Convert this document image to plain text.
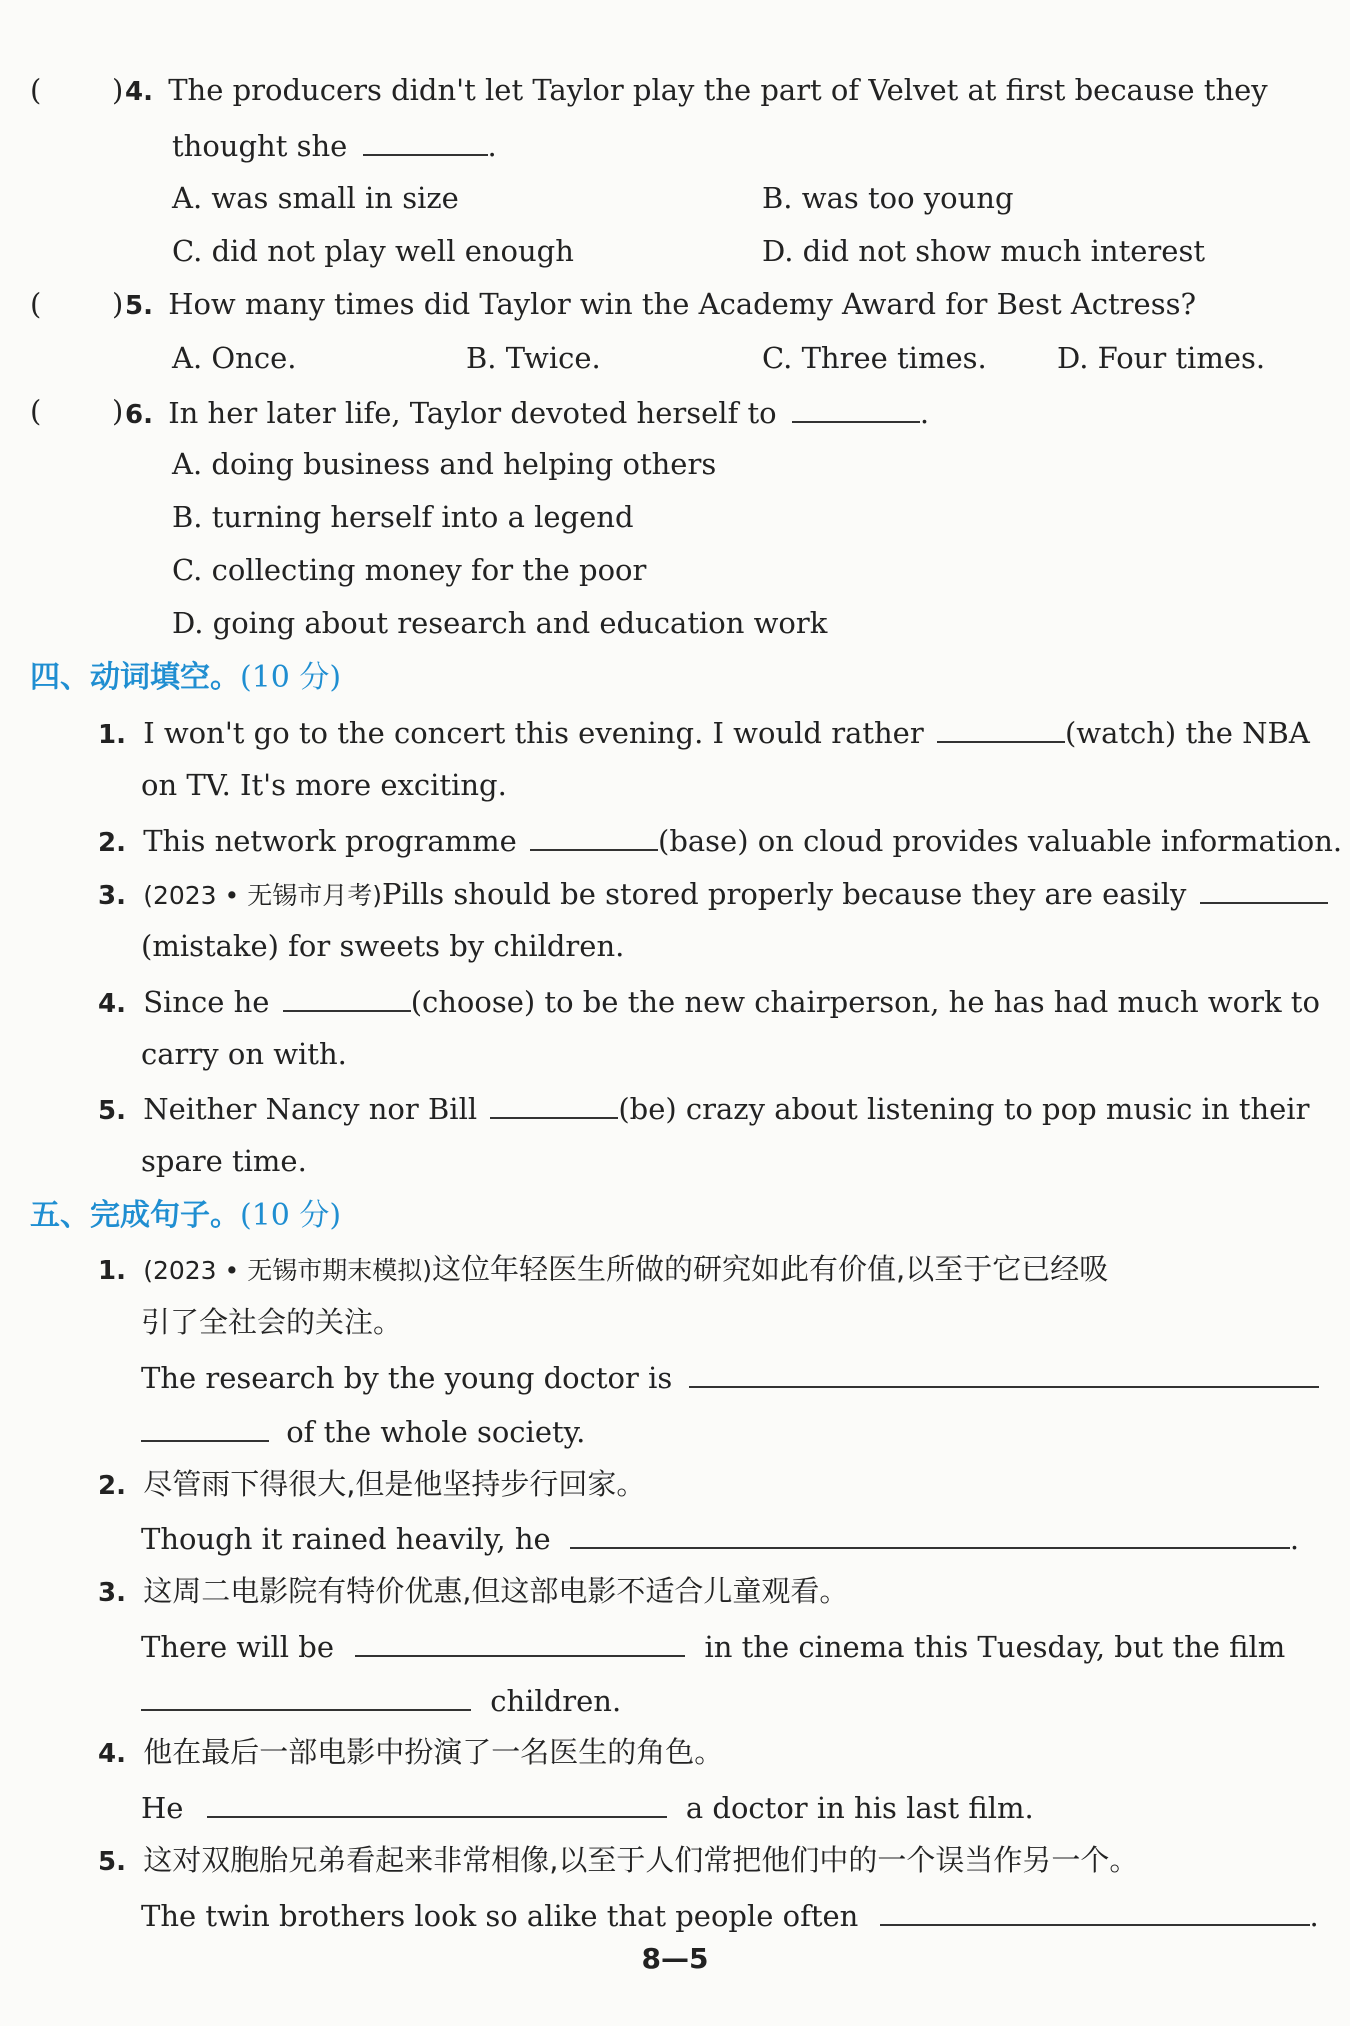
( ) 4. The producers didn't let Taylor play the part of Velvet at first because they
thought she	.
A. was small in size	B. was too young
C. did not play well enough	D. did not show much interest
( ) 5. How many times did Taylor win the Academy Award for Best Actress?
A. Once.	B. Twice.	C. Three times. D. Four times.
( ) 6. In her later life, Taylor devoted herself to	.
A. doing business and helping others
B. turning herself into a legend
C. collecting money for the poor
D. going about research and education work
四、动词填空。(10 分)
1. I won't go to the concert this evening. I would rather	(watch) the NBA
on TV. It's more exciting.
2. This network programme	(base) on cloud provides valuable information.
3. (2023 • 无锡市月考)Pills should be stored properly because they are easily
(mistake) for sweets by children.
4. Since he	(choose) to be the new chairperson, he has had much work to
carry on with.
5. Neither Nancy nor Bill	(be) crazy about listening to pop music in their
spare time.
五、完成句子。(10 分)
1. (2023 • 无锡市期末模拟)这位年轻医生所做的研究如此有价值,以至于它已经吸
引了全社会的关注。
The research by the young doctor is
of the whole society.
2. 尽管雨下得很大,但是他坚持步行回家。
Though it rained heavily, he	.
3. 这周二电影院有特价优惠,但这部电影不适合儿童观看。
There will be	in the cinema this Tuesday, but the film
children.
4. 他在最后一部电影中扮演了一名医生的角色。
He	a doctor in his last film.
5. 这对双胞胎兄弟看起来非常相像,以至于人们常把他们中的一个误当作另一个。
The twin brothers look so alike that people often	.
8—5
